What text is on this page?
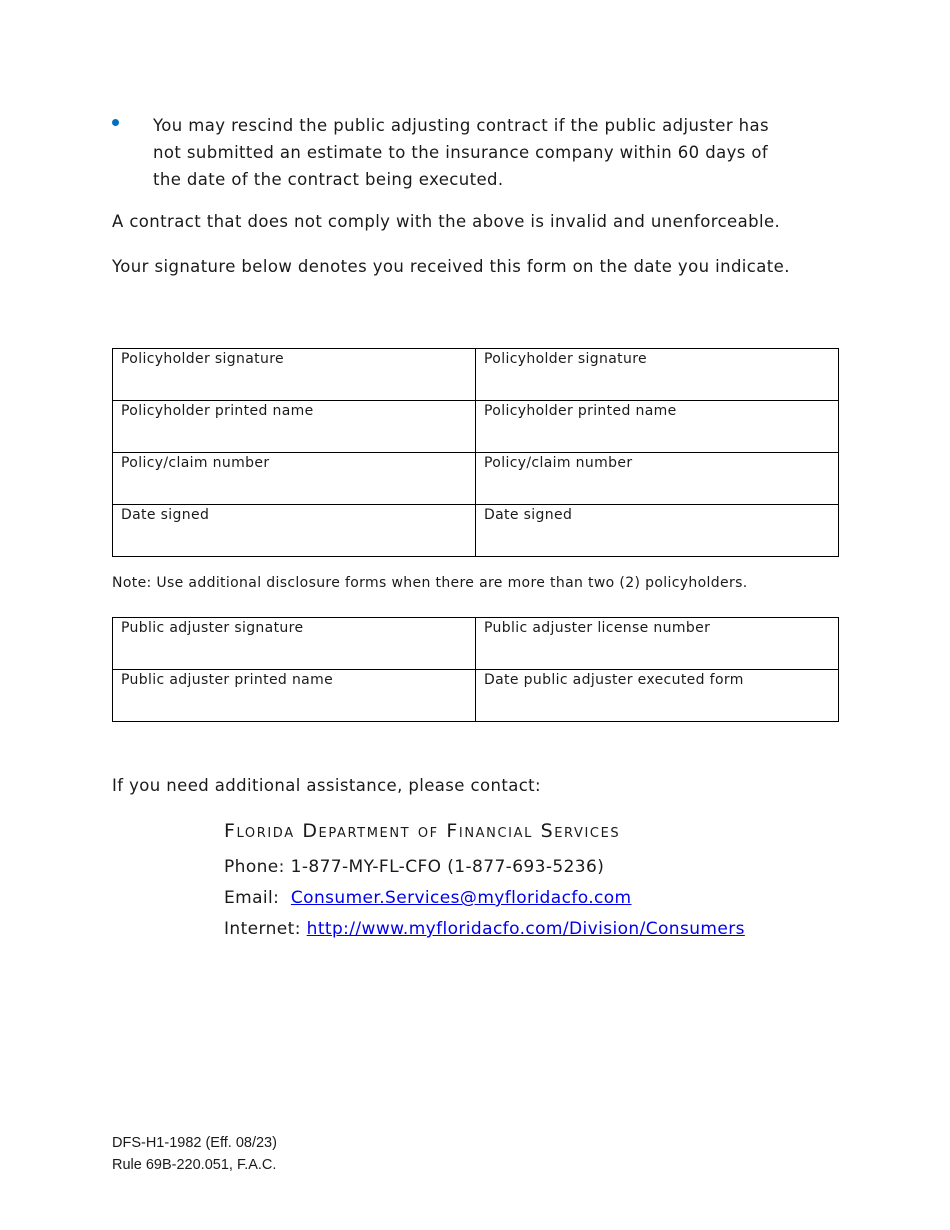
You may rescind the public adjusting contract if the public adjuster has not submitted an estimate to the insurance company within 60 days of the date of the contract being executed.
A contract that does not comply with the above is invalid and unenforceable.
Your signature below denotes you received this form on the date you indicate.
Policyholder signature	Policyholder signature
Policyholder printed name	Policyholder printed name
Policy/claim number	Policy/claim number
Date signed	Date signed
Note: Use additional disclosure forms when there are more than two (2) policyholders.
Public adjuster signature	Public adjuster license number
Public adjuster printed name	Date public adjuster executed form
If you need additional assistance, please contact:
Florida Department of Financial Services
Phone: 1-877-MY-FL-CFO (1-877-693-5236)
Email: Consumer.Services@myfloridacfo.com
Internet: http://www.myfloridacfo.com/Division/Consumers
DFS-H1-1982 (Eff. 08/23)
Rule 69B-220.051, F.A.C.
